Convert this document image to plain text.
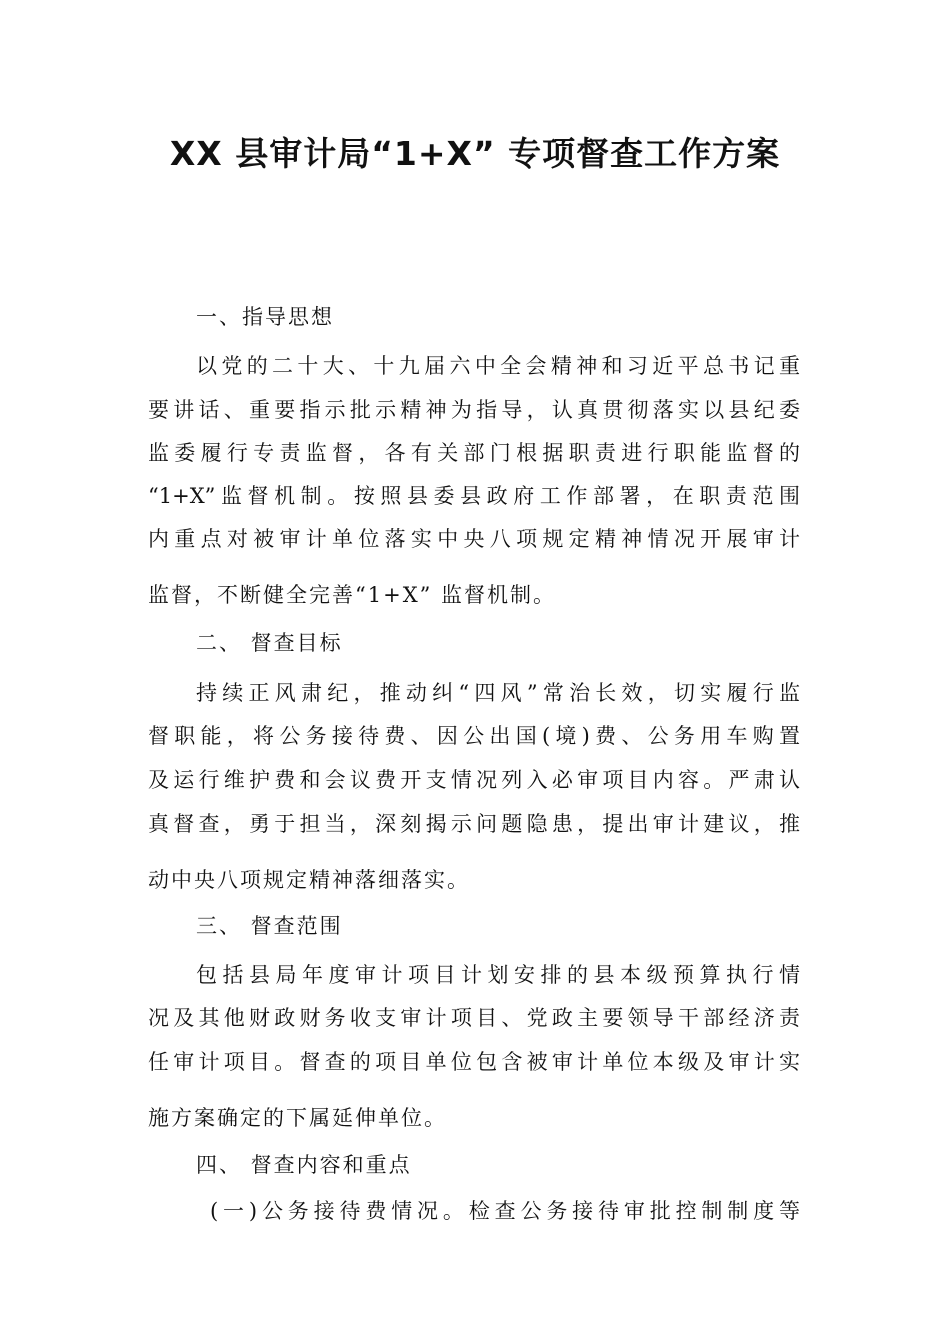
XX 县审计局“1+X” 专项督查工作方案
一、指导思想
以党的二十大、十九届六中全会精神和习近平总书记重
要讲话、重要指示批示精神为指导，认真贯彻落实以县纪委
监委履行专责监督，各有关部门根据职责进行职能监督的
“1+X”监督机制。按照县委县政府工作部署，在职责范围
内重点对被审计单位落实中央八项规定精神情况开展审计
监督，不断健全完善“1+X” 监督机制。
二、 督查目标
持续正风肃纪，推动纠“四风”常治长效，切实履行监
督职能，将公务接待费、因公出国(境)费、公务用车购置
及运行维护费和会议费开支情况列入必审项目内容。严肃认
真督查，勇于担当，深刻揭示问题隐患，提出审计建议，推
动中央八项规定精神落细落实。
三、 督查范围
包括县局年度审计项目计划安排的县本级预算执行情
况及其他财政财务收支审计项目、党政主要领导干部经济责
任审计项目。督查的项目单位包含被审计单位本级及审计实
施方案确定的下属延伸单位。
四、 督查内容和重点
(一)公务接待费情况。检查公务接待审批控制制度等
